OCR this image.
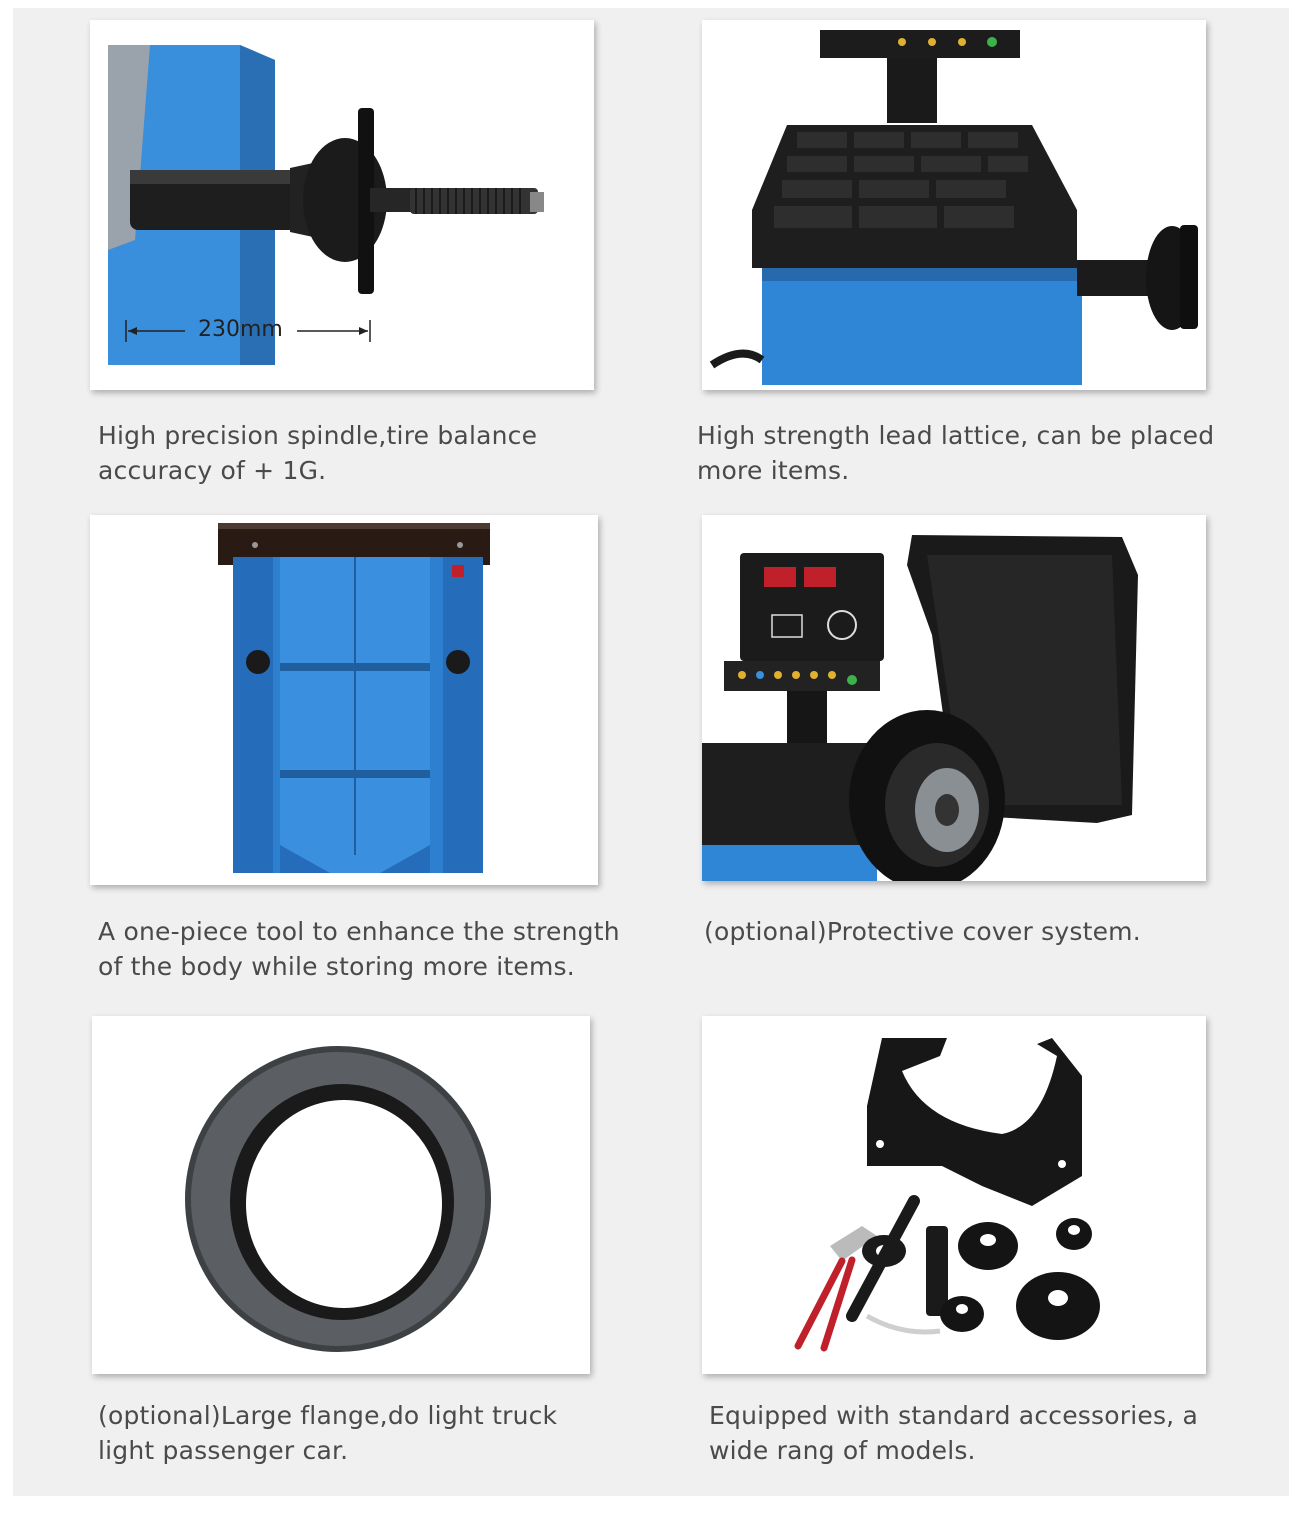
230mm

High precision spindle,tire balance accuracy of + 1G.

High strength lead lattice, can be placed more items.

A one-piece tool to enhance the strength of the body while storing more items.

(optional)Protective cover system.

(optional)Large flange,do light truck light passenger car.

Equipped with standard accessories, a wide rang of models.
